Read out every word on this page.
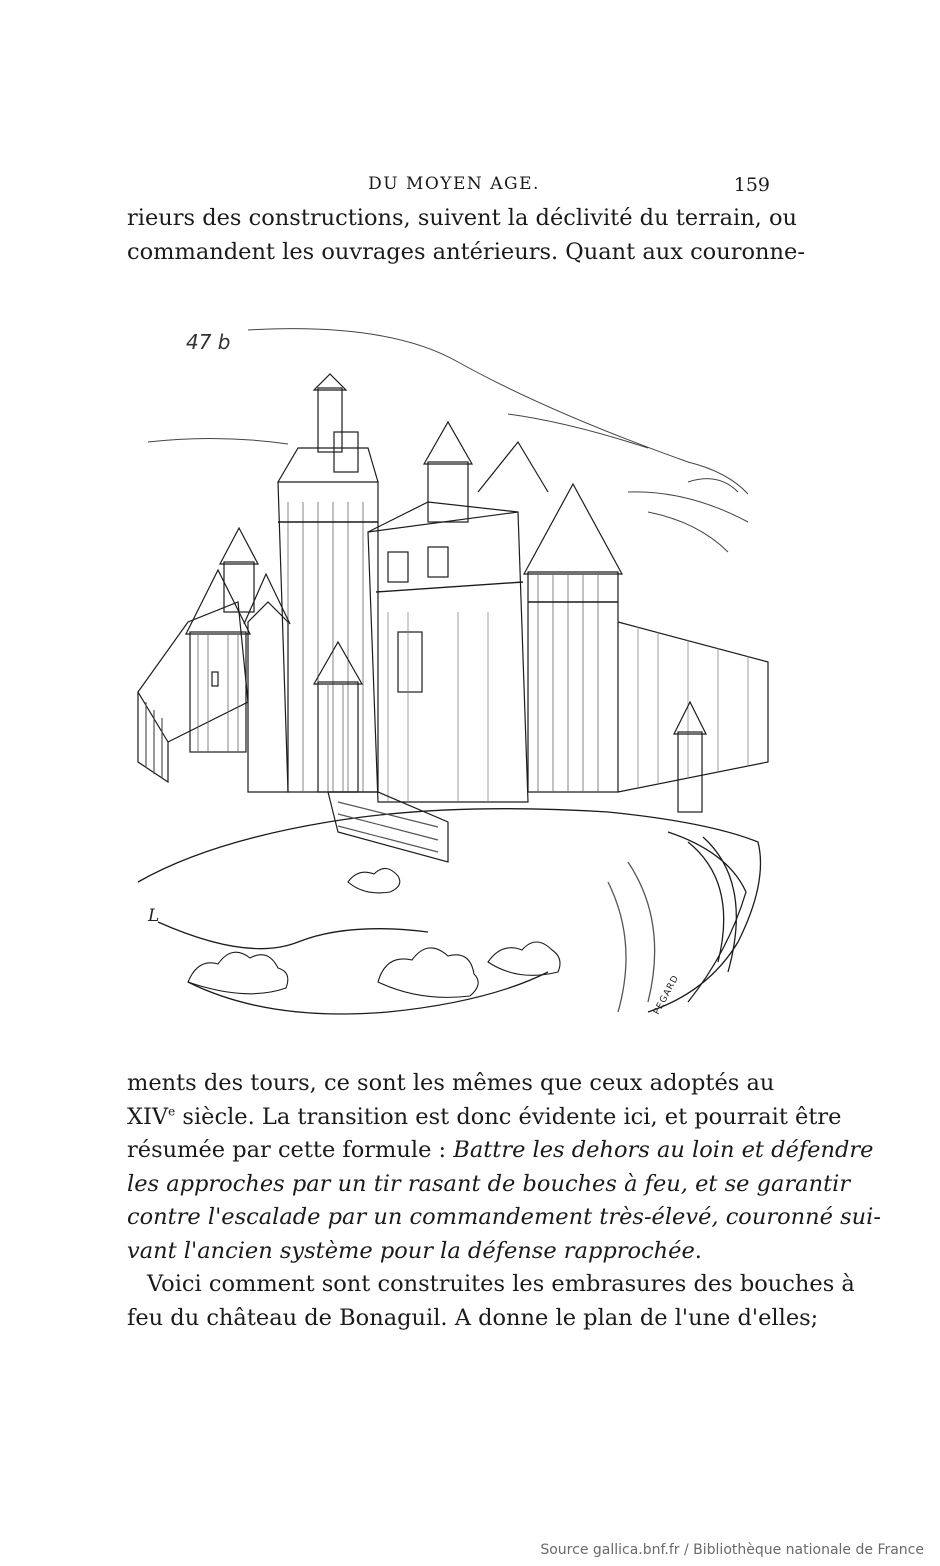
DU MOYEN AGE.	159

rieurs des constructions, suivent la déclivité du terrain, ou
commandent les ouvrages antérieurs. Quant aux couronne-

47 b
L
PEGARD

ments des tours, ce sont les mêmes que ceux adoptés au
XIVe siècle. La transition est donc évidente ici, et pourrait être
résumée par cette formule : Battre les dehors au loin et défendre
les approches par un tir rasant de bouches à feu, et se garantir
contre l'escalade par un commandement très-élevé, couronné sui-
vant l'ancien système pour la défense rapprochée.
Voici comment sont construites les embrasures des bouches à
feu du château de Bonaguil. A donne le plan de l'une d'elles;

Source gallica.bnf.fr / Bibliothèque nationale de France
